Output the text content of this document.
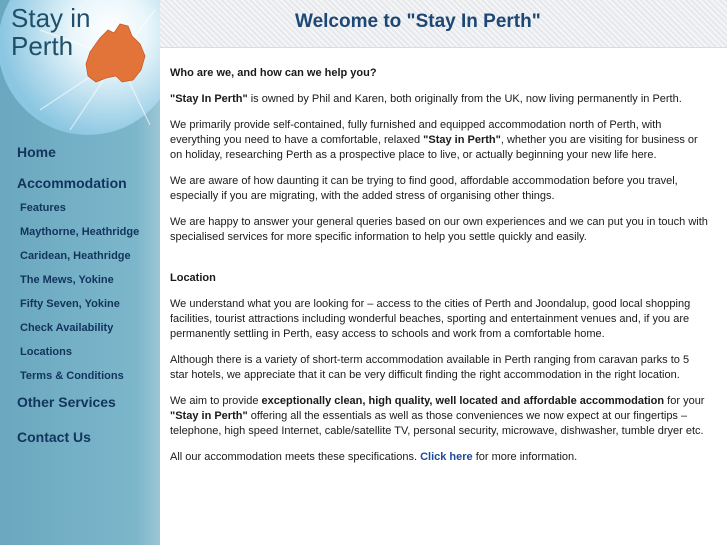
Stay in
Perth
Home
Accommodation
Features
Maythorne, Heathridge
Caridean, Heathridge
The Mews, Yokine
Fifty Seven, Yokine
Check Availability
Locations
Terms & Conditions
Other Services
Contact Us
Welcome to "Stay In Perth"

Who are we, and how can we help you?

"Stay In Perth" is owned by Phil and Karen, both originally from the UK, now living permanently in Perth.

We primarily provide self-contained, fully furnished and equipped accommodation north of Perth, with everything you need to have a comfortable, relaxed "Stay in Perth", whether you are visiting for business or on holiday, researching Perth as a prospective place to live, or actually beginning your new life here.

We are aware of how daunting it can be trying to find good, affordable accommodation before you travel, especially if you are migrating, with the added stress of organising other things.

We are happy to answer your general queries based on our own experiences and we can put you in touch with specialised services for more specific information to help you settle quickly and easily.

Location

We understand what you are looking for – access to the cities of Perth and Joondalup, good local shopping facilities, tourist attractions including wonderful beaches, sporting and entertainment venues and, if you are permanently settling in Perth, easy access to schools and work from a comfortable home.

Although there is a variety of short-term accommodation available in Perth ranging from caravan parks to 5 star hotels, we appreciate that it can be very difficult finding the right accommodation in the right location.

We aim to provide exceptionally clean, high quality, well located and affordable accommodation for your "Stay in Perth" offering all the essentials as well as those conveniences we now expect at our fingertips – telephone, high speed Internet, cable/satellite TV, personal security, microwave, dishwasher, tumble dryer etc.

All our accommodation meets these specifications. Click here for more information.
